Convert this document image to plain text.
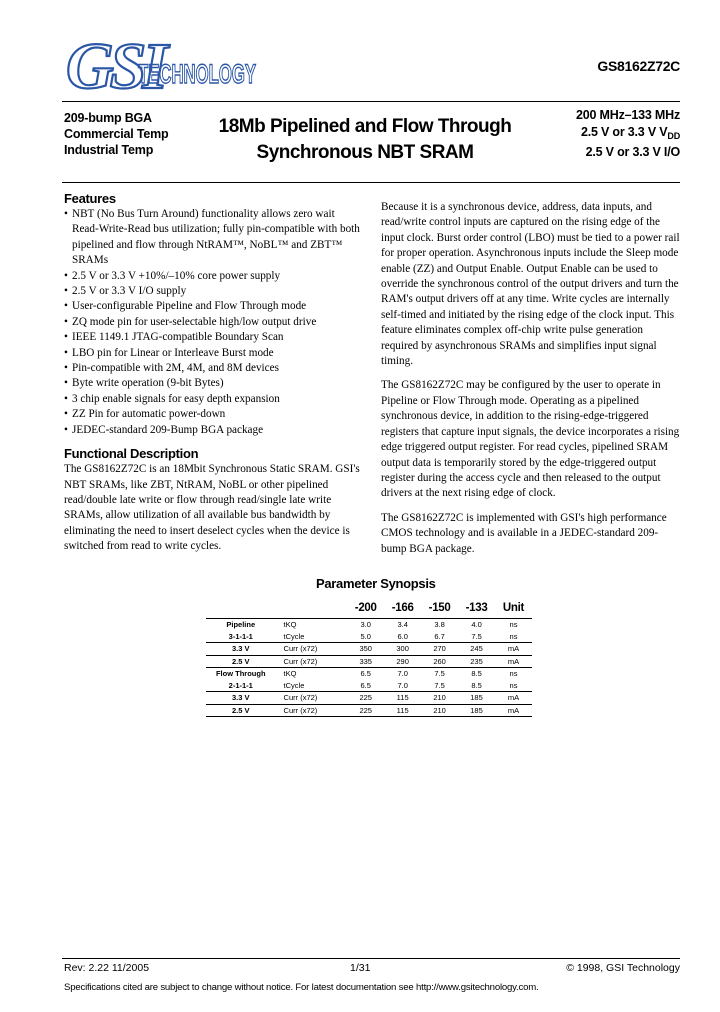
GSI
TECHNOLOGY	GS8162Z72C
209-bump BGA
Commercial Temp
Industrial Temp
18Mb Pipelined and Flow Through
Synchronous NBT SRAM
200 MHz–133 MHz
2.5 V or 3.3 V $V_{DD}$
2.5 V or 3.3 V I/O
Features
• NBT (No Bus Turn Around) functionality allows zero wait Read-Write-Read bus utilization; fully pin-compatible with both pipelined and flow through NtRAM™, NoBL™ and ZBT™ SRAMs
• 2.5 V or 3.3 V +10%/–10% core power supply
• 2.5 V or 3.3 V I/O supply
• User-configurable Pipeline and Flow Through mode
• ZQ mode pin for user-selectable high/low output drive
• IEEE 1149.1 JTAG-compatible Boundary Scan
• LBO pin for Linear or Interleave Burst mode
• Pin-compatible with 2M, 4M, and 8M devices
• Byte write operation (9-bit Bytes)
• 3 chip enable signals for easy depth expansion
• ZZ Pin for automatic power-down
• JEDEC-standard 209-Bump BGA package
Functional Description

The GS8162Z72C is an 18Mbit Synchronous Static SRAM. GSI's NBT SRAMs, like ZBT, NtRAM, NoBL or other pipelined read/double late write or flow through read/single late write SRAMs, allow utilization of all available bus bandwidth by eliminating the need to insert deselect cycles when the device is switched from read to write cycles.

Because it is a synchronous device, address, data inputs, and read/write control inputs are captured on the rising edge of the input clock. Burst order control (LBO) must be tied to a power rail for proper operation. Asynchronous inputs include the Sleep mode enable (ZZ) and Output Enable. Output Enable can be used to override the synchronous control of the output drivers and turn the RAM's output drivers off at any time. Write cycles are internally self-timed and initiated by the rising edge of the clock input. This feature eliminates complex off-chip write pulse generation required by asynchronous SRAMs and simplifies input signal timing.

The GS8162Z72C may be configured by the user to operate in Pipeline or Flow Through mode. Operating as a pipelined synchronous device, in addition to the rising-edge-triggered registers that capture input signals, the device incorporates a rising edge triggered output register. For read cycles, pipelined SRAM output data is temporarily stored by the edge-triggered output register during the access cycle and then released to the output drivers at the next rising edge of clock.

The GS8162Z72C is implemented with GSI's high performance CMOS technology and is available in a JEDEC-standard 209-bump BGA package.

Parameter Synopsis
		-200	-166	-150	-133	Unit
Pipeline	tKQ	3.0	3.4	3.8	4.0	ns
3-1-1-1	tCycle	5.0	6.0	6.7	7.5	ns
3.3 V	Curr (x72)	350	300	270	245	mA
2.5 V	Curr (x72)	335	290	260	235	mA
Flow Through	tKQ	6.5	7.0	7.5	8.5	ns
2-1-1-1	tCycle	6.5	7.0	7.5	8.5	ns
3.3 V	Curr (x72)	225	115	210	185	mA
2.5 V	Curr (x72)	225	115	210	185	mA
Rev: 2.22 11/2005	1/31	© 1998, GSI Technology
Specifications cited are subject to change without notice. For latest documentation see http://www.gsitechnology.com.
